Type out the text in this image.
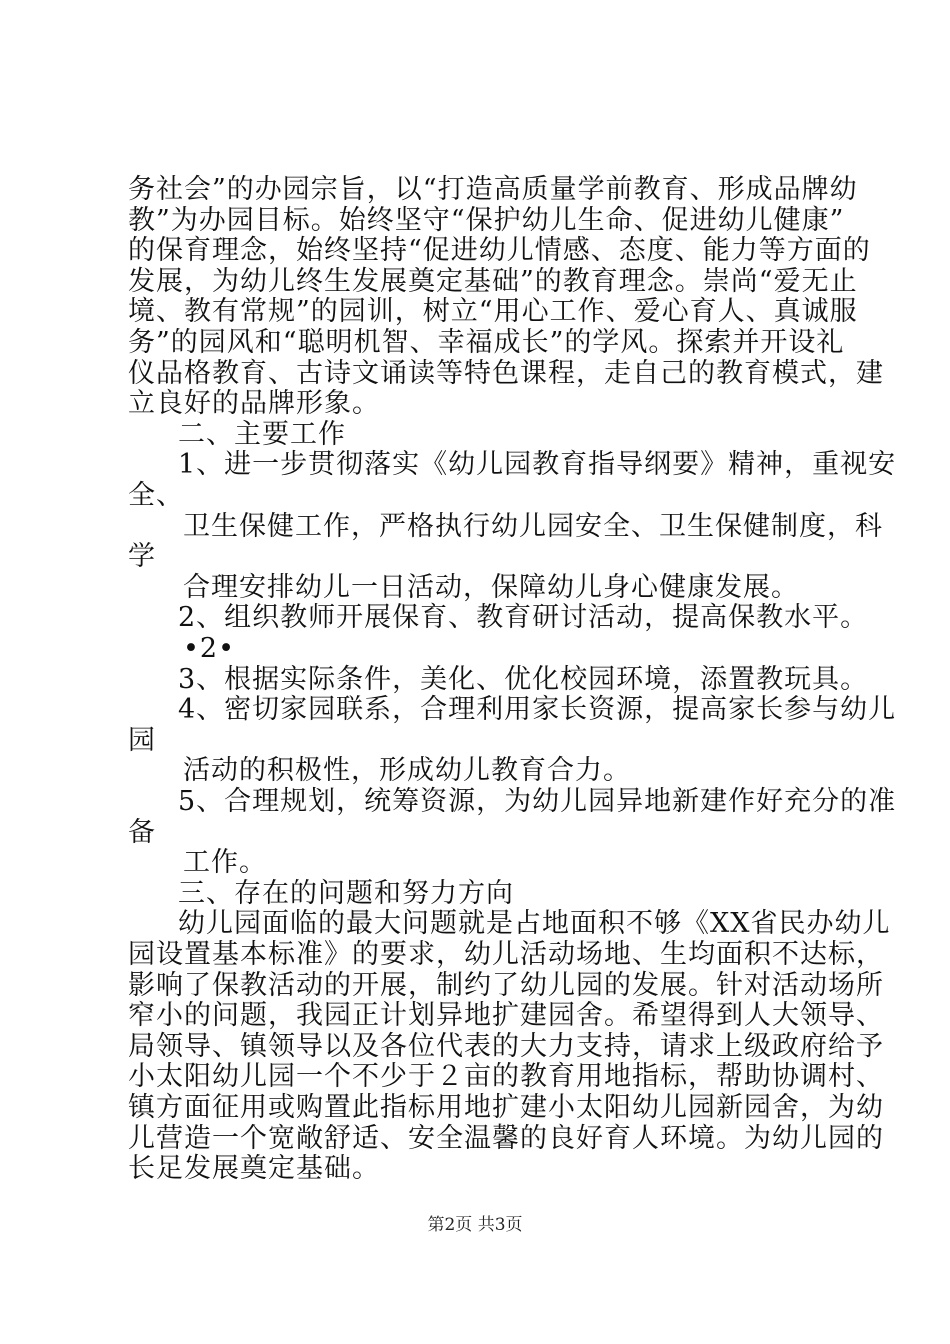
务社会”的办园宗旨，以“打造高质量学前教育、形成品牌幼
教”为办园目标。始终坚守“保护幼儿生命、促进幼儿健康”
的保育理念，始终坚持“促进幼儿情感、态度、能力等方面的
发展，为幼儿终生发展奠定基础”的教育理念。崇尚“爱无止
境、教有常规”的园训，树立“用心工作、爱心育人、真诚服
务”的园风和“聪明机智、幸福成长”的学风。探索并开设礼
仪品格教育、古诗文诵读等特色课程，走自己的教育模式，建
立良好的品牌形象。
二、主要工作
1、进一步贯彻落实《幼儿园教育指导纲要》精神，重视安
全、
卫生保健工作，严格执行幼儿园安全、卫生保健制度，科
学
合理安排幼儿一日活动，保障幼儿身心健康发展。
2、组织教师开展保育、教育研讨活动，提高保教水平。
•2•
3、根据实际条件，美化、优化校园环境，添置教玩具。
4、密切家园联系，合理利用家长资源，提高家长参与幼儿
园
活动的积极性，形成幼儿教育合力。
5、合理规划，统筹资源，为幼儿园异地新建作好充分的准
备
工作。
三、存在的问题和努力方向
幼儿园面临的最大问题就是占地面积不够《XX省民办幼儿
园设置基本标准》的要求，幼儿活动场地、生均面积不达标，
影响了保教活动的开展，制约了幼儿园的发展。针对活动场所
窄小的问题，我园正计划异地扩建园舍。希望得到人大领导、
局领导、镇领导以及各位代表的大力支持，请求上级政府给予
小太阳幼儿园一个不少于２亩的教育用地指标，帮助协调村、
镇方面征用或购置此指标用地扩建小太阳幼儿园新园舍，为幼
儿营造一个宽敞舒适、安全温馨的良好育人环境。为幼儿园的
长足发展奠定基础。
第2页 共3页
